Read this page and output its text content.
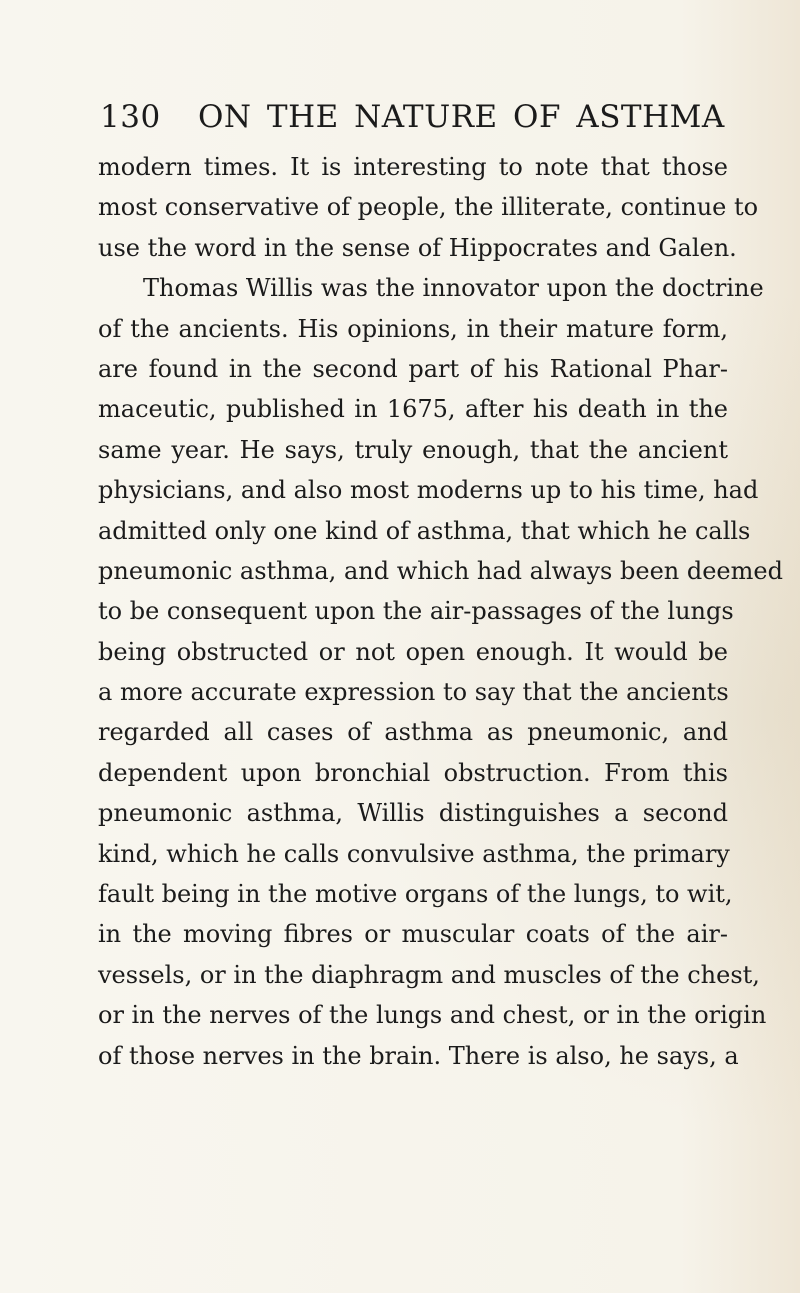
130 ON THE NATURE OF ASTHMA
modern times. It is interesting to note that those
most conservative of people, the illiterate, continue to
use the word in the sense of Hippocrates and Galen.
Thomas Willis was the innovator upon the doctrine
of the ancients. His opinions, in their mature form,
are found in the second part of his Rational Phar-
maceutic, published in 1675, after his death in the
same year. He says, truly enough, that the ancient
physicians, and also most moderns up to his time, had
admitted only one kind of asthma, that which he calls
pneumonic asthma, and which had always been deemed
to be consequent upon the air-passages of the lungs
being obstructed or not open enough. It would be
a more accurate expression to say that the ancients
regarded all cases of asthma as pneumonic, and
dependent upon bronchial obstruction. From this
pneumonic asthma, Willis distinguishes a second
kind, which he calls convulsive asthma, the primary
fault being in the motive organs of the lungs, to wit,
in the moving fibres or muscular coats of the air-
vessels, or in the diaphragm and muscles of the chest,
or in the nerves of the lungs and chest, or in the origin
of those nerves in the brain. There is also, he says, a
